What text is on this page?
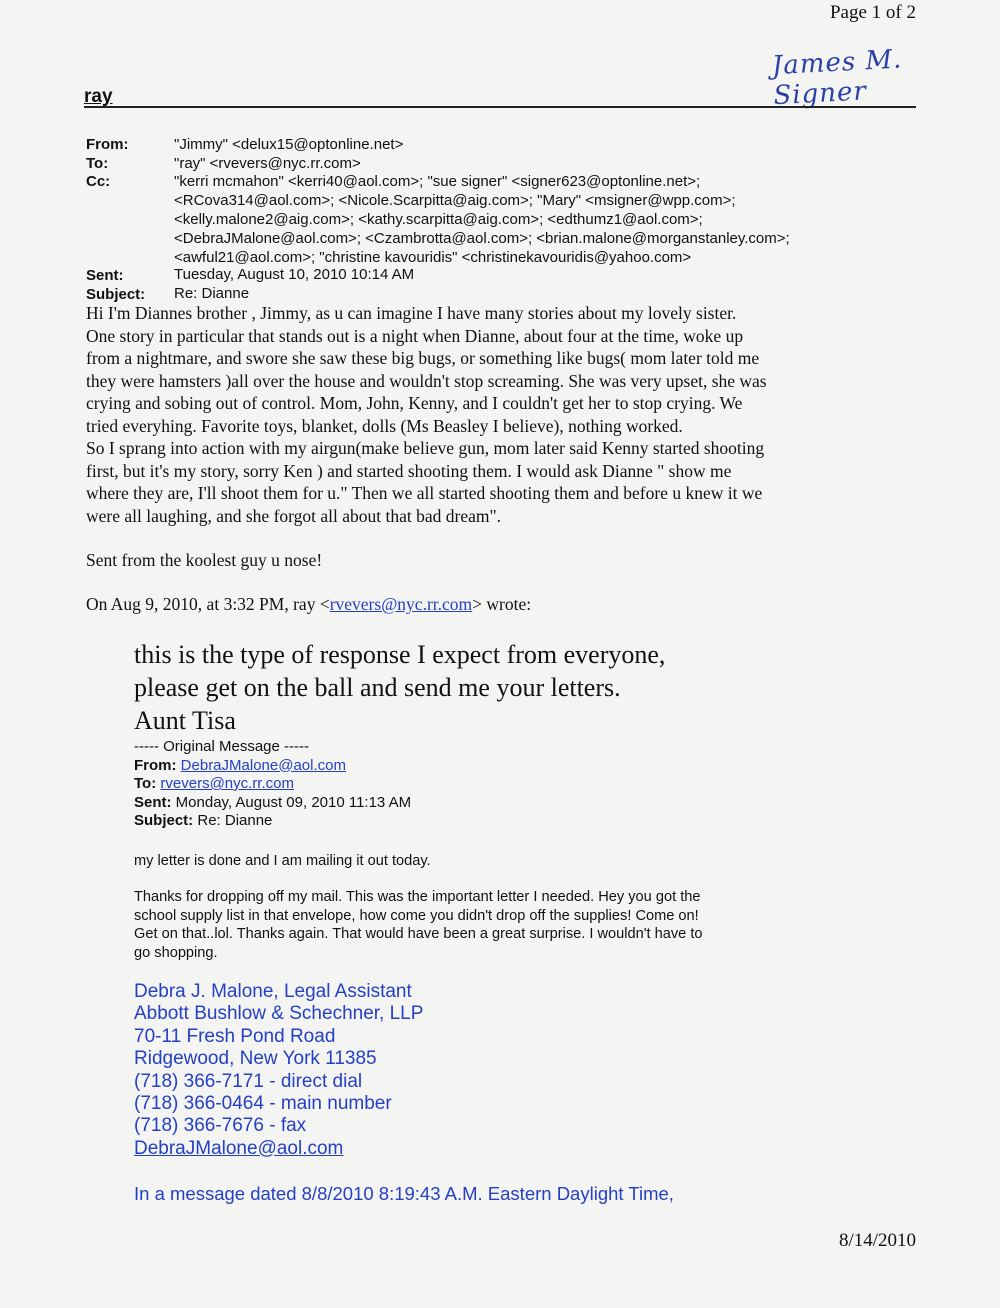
Page 1 of 2
James M. Signer
ray
From:	"Jimmy" <delux15@optonline.net>
To:	"ray" <rvevers@nyc.rr.com>
Cc:	"kerri mcmahon" <kerri40@aol.com>; "sue signer" <signer623@optonline.net>;
<RCova314@aol.com>; <Nicole.Scarpitta@aig.com>; "Mary" <msigner@wpp.com>;
<kelly.malone2@aig.com>; <kathy.scarpitta@aig.com>; <edthumz1@aol.com>;
<DebraJMalone@aol.com>; <Czambrotta@aol.com>; <brian.malone@morganstanley.com>;
<awful21@aol.com>; "christine kavouridis" <christinekavouridis@yahoo.com>
Sent:	Tuesday, August 10, 2010 10:14 AM
Subject: Re: Dianne

Hi I'm Diannes brother , Jimmy, as u can imagine I have many stories about my lovely sister.

One story in particular that stands out is a night when Dianne, about four at the time, woke up

from a nightmare, and swore she saw these big bugs, or something like bugs( mom later told me

they were hamsters )all over the house and wouldn't stop screaming. She was very upset, she was

crying and sobing out of control. Mom, John, Kenny, and I couldn't get her to stop crying. We

tried everyhing. Favorite toys, blanket, dolls (Ms Beasley I believe), nothing worked.

So I sprang into action with my airgun(make believe gun, mom later said Kenny started shooting

first, but it's my story, sorry Ken ) and started shooting them. I would ask Dianne " show me

where they are, I'll shoot them for u." Then we all started shooting them and before u knew it we

were all laughing, and she forgot all about that bad dream".

Sent from the koolest guy u nose!

On Aug 9, 2010, at 3:32 PM, ray <rvevers@nyc.rr.com> wrote:
this is the type of response I expect from everyone,
please get on the ball and send me your letters.
Aunt Tisa
----- Original Message -----
From: DebraJMalone@aol.com
To: rvevers@nyc.rr.com
Sent: Monday, August 09, 2010 11:13 AM
Subject: Re: Dianne
my letter is done and I am mailing it out today.
Thanks for dropping off my mail. This was the important letter I needed. Hey you got the
school supply list in that envelope, how come you didn't drop off the supplies! Come on!
Get on that..lol. Thanks again. That would have been a great surprise. I wouldn't have to
go shopping.
Debra J. Malone, Legal Assistant
Abbott Bushlow & Schechner, LLP
70-11 Fresh Pond Road
Ridgewood, New York 11385
(718) 366-7171 - direct dial
(718) 366-0464 - main number
(718) 366-7676 - fax
DebraJMalone@aol.com
In a message dated 8/8/2010 8:19:43 A.M. Eastern Daylight Time,
8/14/2010
